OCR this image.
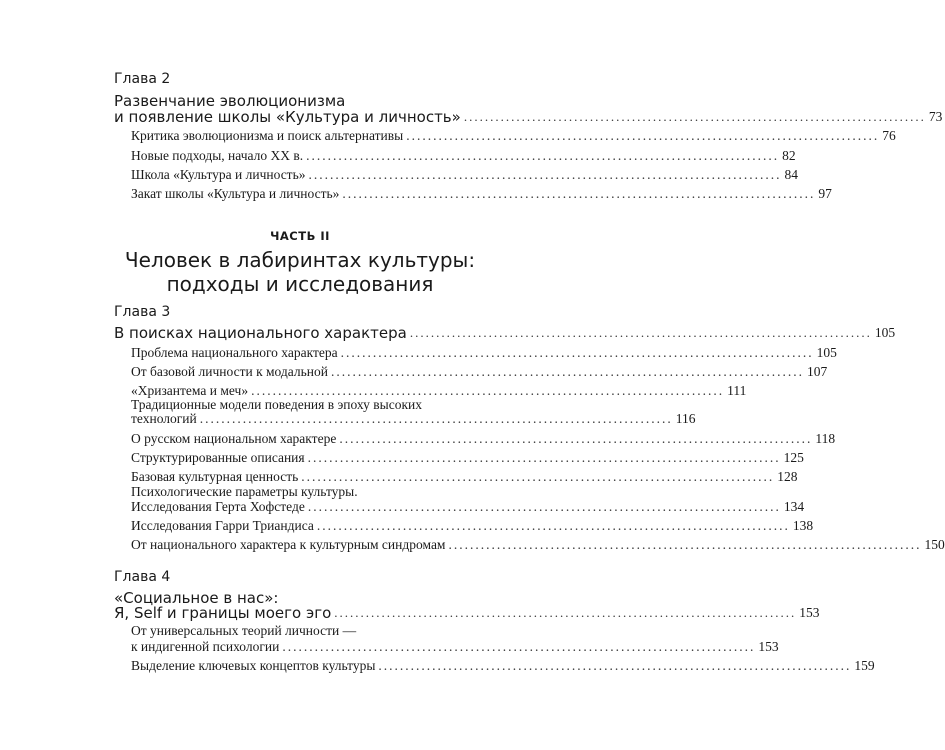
Глава 2
Развенчание эволюционизма
и появление школы «Культура и личность» ........................................................................................ 73
Критика эволюционизма и поиск альтернативы ........................................................................................ 76
Новые подходы, начало XX в. ........................................................................................ 82
Школа «Культура и личность» ........................................................................................ 84
Закат школы «Культура и личность» ........................................................................................ 97
ЧАСТЬ II
Человек в лабиринтах культуры:
подходы и исследования
Глава 3
В поисках национального характера ........................................................................................ 105
Проблема национального характера ........................................................................................ 105
От базовой личности к модальной ........................................................................................ 107
«Хризантема и меч» ........................................................................................ 111
Традиционные модели поведения в эпоху высоких
технологий ........................................................................................ 116
О русском национальном характере ........................................................................................ 118
Структурированные описания ........................................................................................ 125
Базовая культурная ценность ........................................................................................ 128
Психологические параметры культуры.
Исследования Герта Хофстеде ........................................................................................ 134
Исследования Гарри Триандиса ........................................................................................ 138
От национального характера к культурным синдромам ........................................................................................ 150
Глава 4
«Социальное в нас»:
Я, Self и границы моего эго ........................................................................................ 153
От универсальных теорий личности —
к индигенной психологии ........................................................................................ 153
Выделение ключевых концептов культуры ........................................................................................ 159
